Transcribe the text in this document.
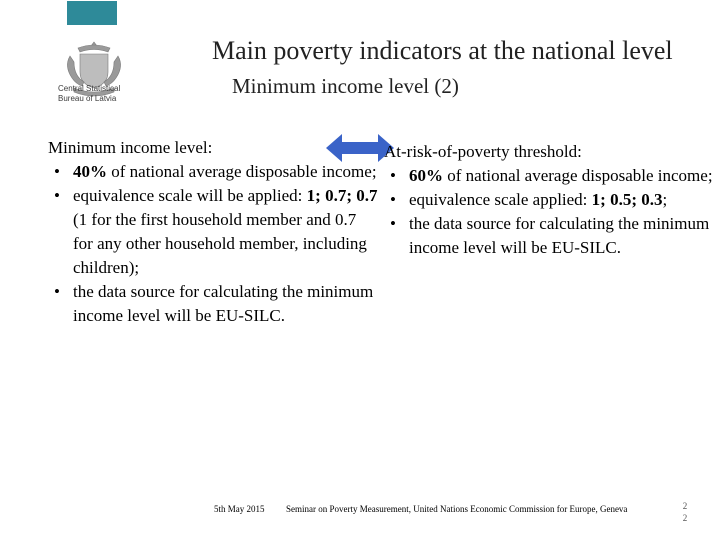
Central Statistical
Bureau of Latvia
Main poverty indicators at the national level
Minimum income level (2)
Minimum income level:
• 40% of national average disposable income;
• equivalence scale will be applied: 1; 0.7; 0.7 (1 for the first household member and 0.7 for any other household member, including children);
• the data source for calculating the minimum income level will be EU-SILC.
At-risk-of-poverty threshold:
• 60% of national average disposable income;
• equivalence scale applied: 1; 0.5; 0.3;
• the data source for calculating the minimum income level will be EU-SILC.
5th May 2015 Seminar on Poverty Measurement, United Nations Economic Commission for Europe, Geneva	2
2
